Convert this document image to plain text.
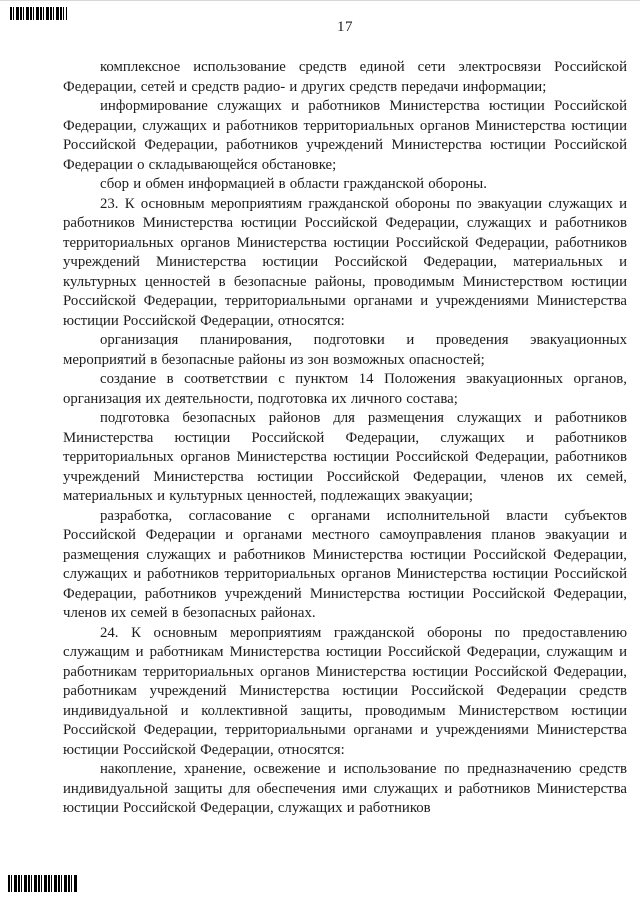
17

комплексное использование средств единой сети электросвязи Российской Федерации, сетей и средств радио- и других средств передачи информации;

информирование служащих и работников Министерства юстиции Российской Федерации, служащих и работников территориальных органов Министерства юстиции Российской Федерации, работников учреждений Министерства юстиции Российской Федерации о складывающейся обстановке;

сбор и обмен информацией в области гражданской обороны.

23. К основным мероприятиям гражданской обороны по эвакуации служащих и работников Министерства юстиции Российской Федерации, служащих и работников территориальных органов Министерства юстиции Российской Федерации, работников учреждений Министерства юстиции Российской Федерации, материальных и культурных ценностей в безопасные районы, проводимым Министерством юстиции Российской Федерации, территориальными органами и учреждениями Министерства юстиции Российской Федерации, относятся:

организация планирования, подготовки и проведения эвакуационных мероприятий в безопасные районы из зон возможных опасностей;

создание в соответствии с пунктом 14 Положения эвакуационных органов, организация их деятельности, подготовка их личного состава;

подготовка безопасных районов для размещения служащих и работников Министерства юстиции Российской Федерации, служащих и работников территориальных органов Министерства юстиции Российской Федерации, работников учреждений Министерства юстиции Российской Федерации, членов их семей, материальных и культурных ценностей, подлежащих эвакуации;

разработка, согласование с органами исполнительной власти субъектов Российской Федерации и органами местного самоуправления планов эвакуации и размещения служащих и работников Министерства юстиции Российской Федерации, служащих и работников территориальных органов Министерства юстиции Российской Федерации, работников учреждений Министерства юстиции Российской Федерации, членов их семей в безопасных районах.

24. К основным мероприятиям гражданской обороны по предоставлению служащим и работникам Министерства юстиции Российской Федерации, служащим и работникам территориальных органов Министерства юстиции Российской Федерации, работникам учреждений Министерства юстиции Российской Федерации средств индивидуальной и коллективной защиты, проводимым Министерством юстиции Российской Федерации, территориальными органами и учреждениями Министерства юстиции Российской Федерации, относятся:

накопление, хранение, освежение и использование по предназначению средств индивидуальной защиты для обеспечения ими служащих и работников Министерства юстиции Российской Федерации, служащих и работников
